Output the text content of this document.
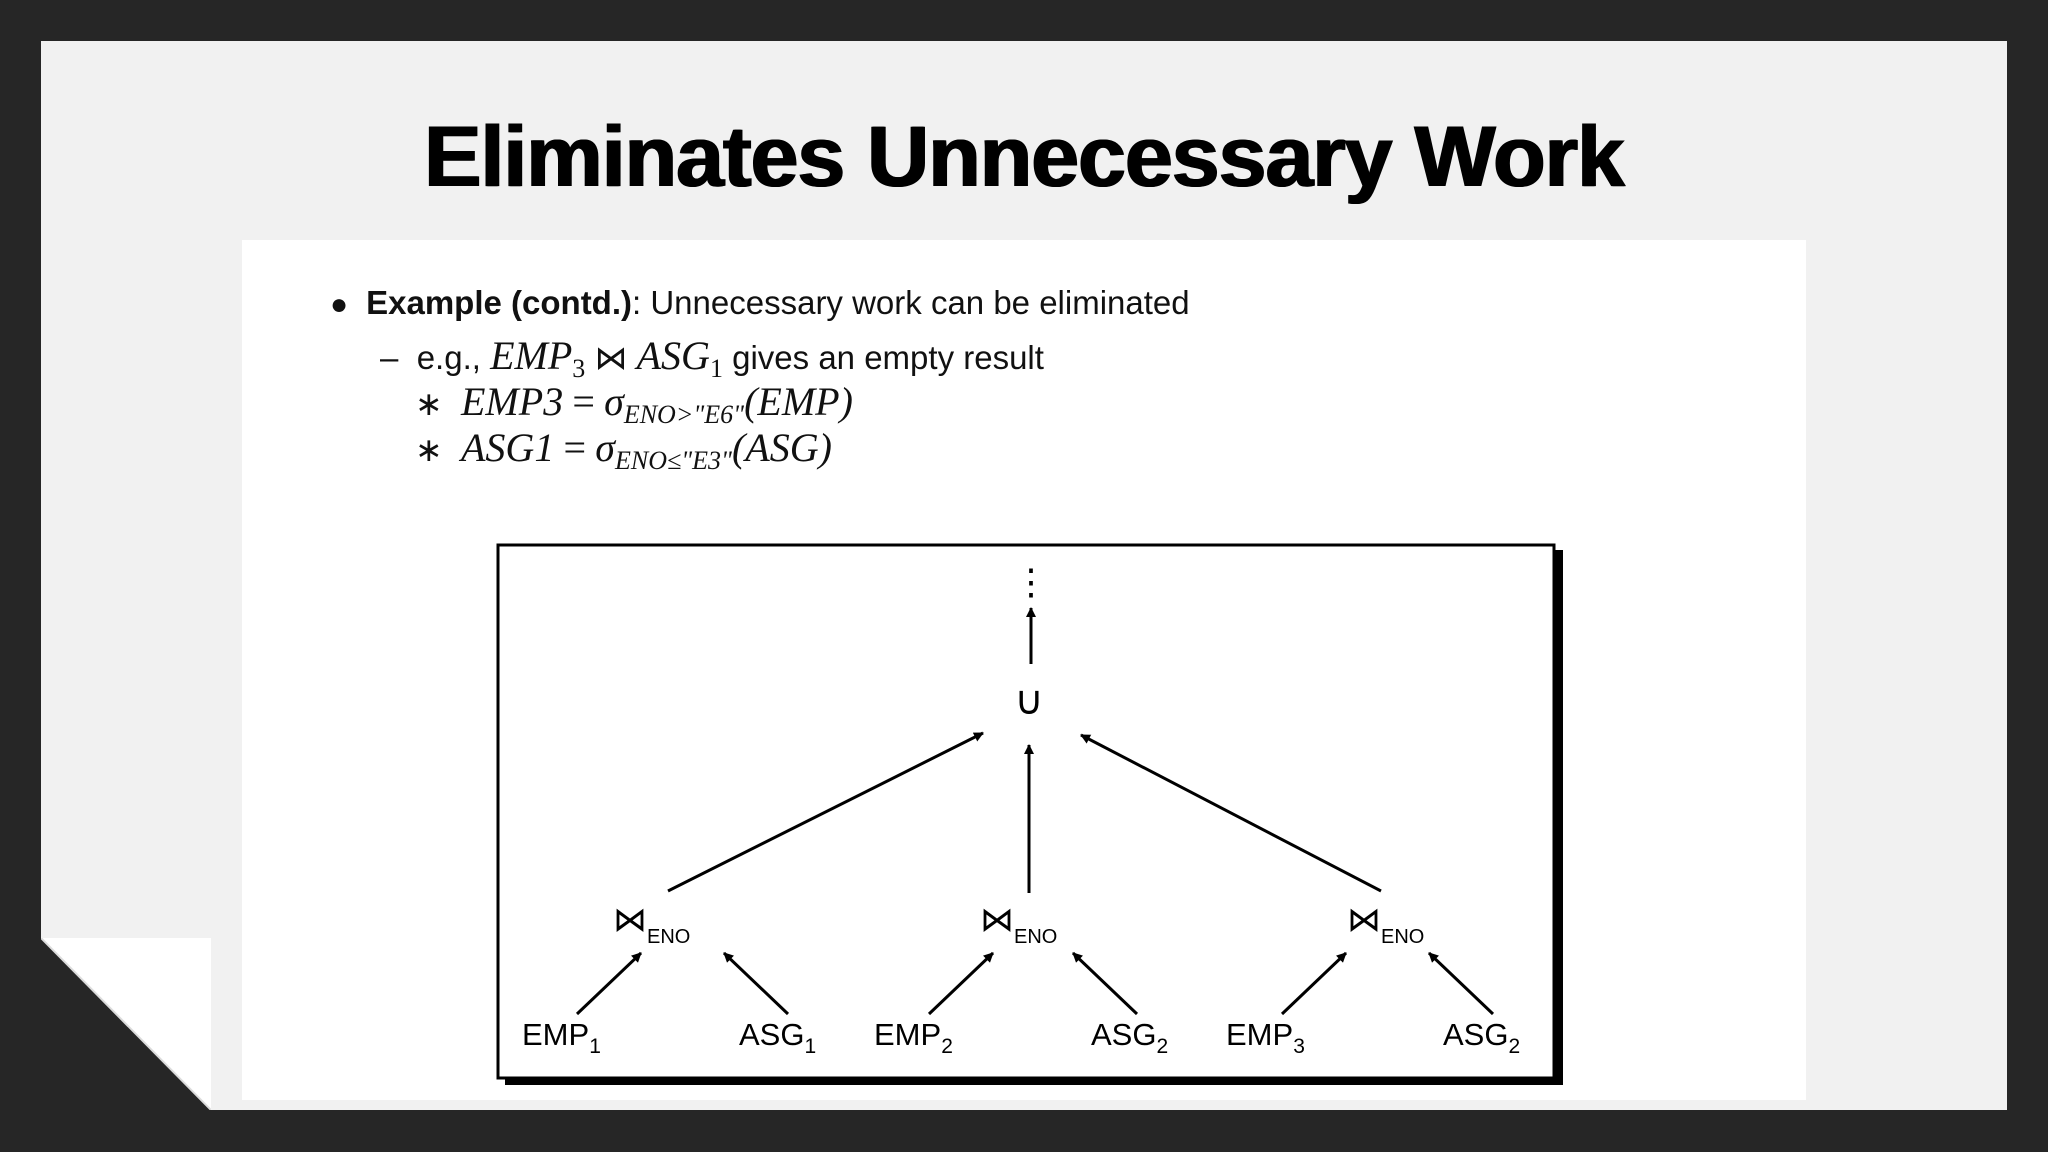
Eliminates Unnecessary Work
● Example (contd.): Unnecessary work can be eliminated
–  e.g., $EMP_3$ ⋈ $ASG_1$ gives an empty result
∗ $EMP3 = \sigma_{ENO>"E6"}(EMP)$
∗ $ASG1 = \sigma_{ENO\le"E3"}(ASG)$
⋮
∪
$⋈_{ENO}$	$⋈_{ENO}$	$⋈_{ENO}$
$EMP_1$	$ASG_1$ $EMP_2$	$ASG_2$ $EMP_3$	$ASG_2$
